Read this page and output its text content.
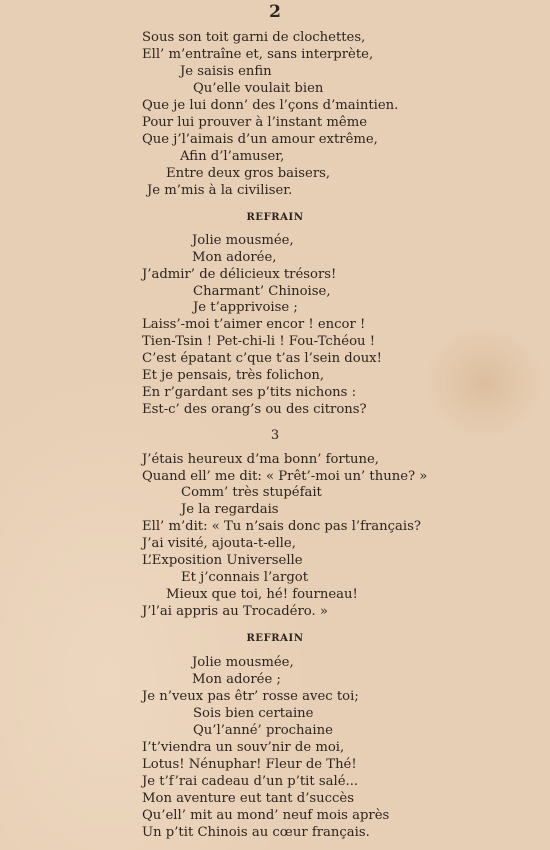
2
Sous son toit garni de clochettes,
Ell’ m’entraîne et, sans interprète,
Je saisis enfin
Qu’elle voulait bien
Que je lui donn’ des l’çons d’maintien.
Pour lui prouver à l’instant même
Que j’l’aimais d’un amour extrême,
Afin d’l’amuser,
Entre deux gros baisers,
Je m’mis à la civiliser.
REFRAIN
Jolie mousmée,
Mon adorée,
J’admir’ de délicieux trésors!
Charmant’ Chinoise,
Je t’apprivoise ;
Laiss’-moi t’aimer encor ! encor !
Tien-Tsin ! Pet-chi-li ! Fou-Tchéou !
C’est épatant c’que t’as l’sein doux!
Et je pensais, très folichon,
En r’gardant ses p’tits nichons :
Est-c’ des orang’s ou des citrons?
3
J’étais heureux d’ma bonn’ fortune,
Quand ell’ me dit: « Prêt’-moi un’ thune? »
Comm’ très stupéfait
Je la regardais
Ell’ m’dit: « Tu n’sais donc pas l’français?
J’ai visité, ajouta-t-elle,
L’Exposition Universelle
Et j’connais l’argot
Mieux que toi, hé! fourneau!
J’l’ai appris au Trocadéro. »
REFRAIN
Jolie mousmée,
Mon adorée ;
Je n’veux pas êtr’ rosse avec toi;
Sois bien certaine
Qu’l’anné’ prochaine
I’t’viendra un souv’nir de moi,
Lotus! Nénuphar! Fleur de Thé!
Je t’f’rai cadeau d’un p’tit salé...
Mon aventure eut tant d’succès
Qu’ell’ mit au mond’ neuf mois après
Un p’tit Chinois au cœur français.
